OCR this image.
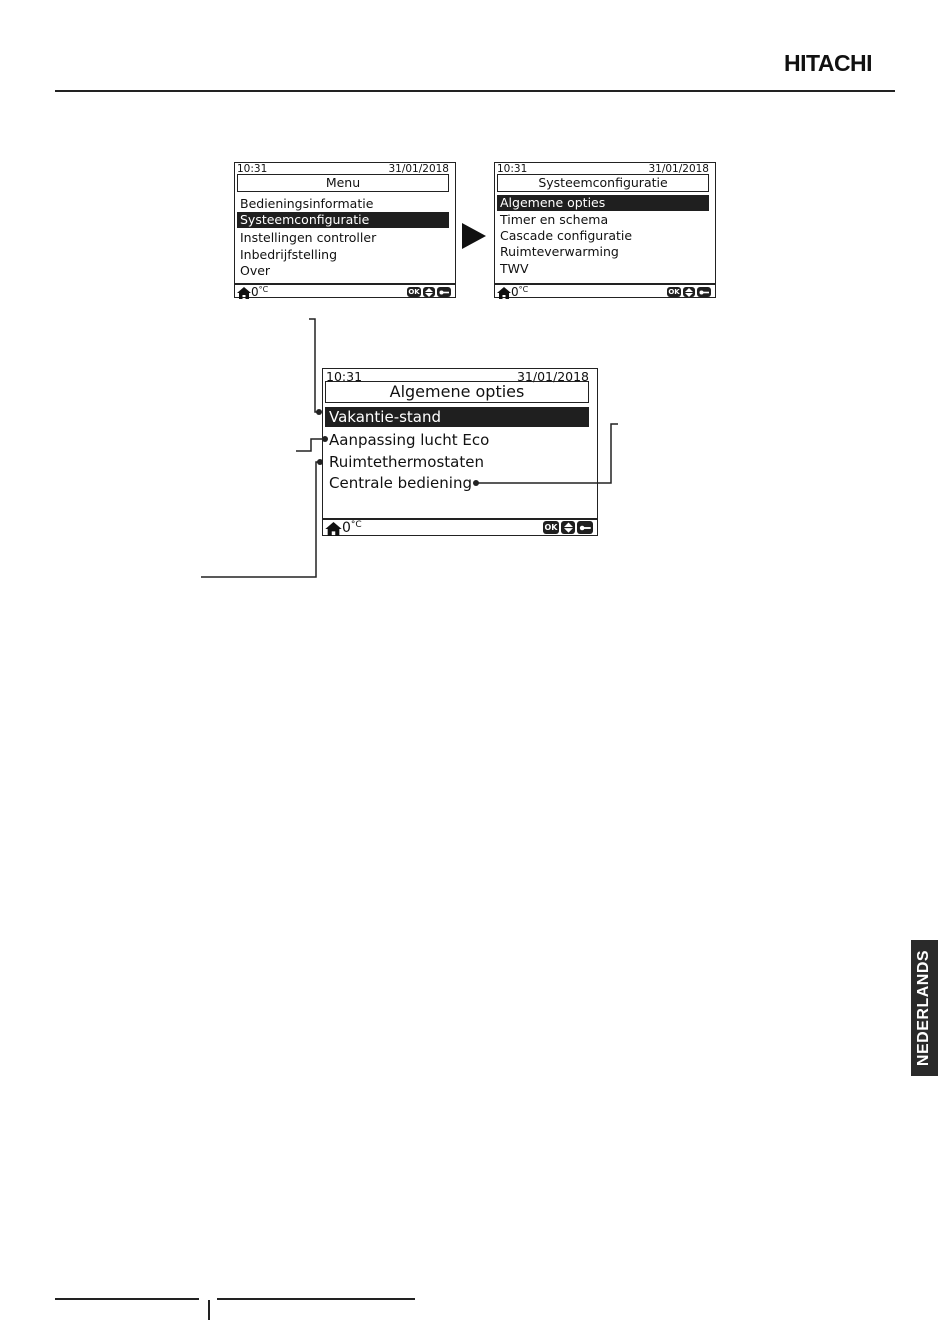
HITACHI
10:31	31/01/2018
Menu
Bedieningsinformatie
Systeemconfiguratie
Instellingen controller
Inbedrijfstelling
Over
0 °C	OK
10:31	31/01/2018
Systeemconfiguratie
Algemene opties
Timer en schema
Cascade configuratie
Ruimteverwarming
TWV
0 °C	OK
10:31	31/01/2018
Algemene opties
Vakantie-stand
Aanpassing lucht Eco
Ruimtethermostaten
Centrale bediening
0 °C	OK
NEDERLANDS
